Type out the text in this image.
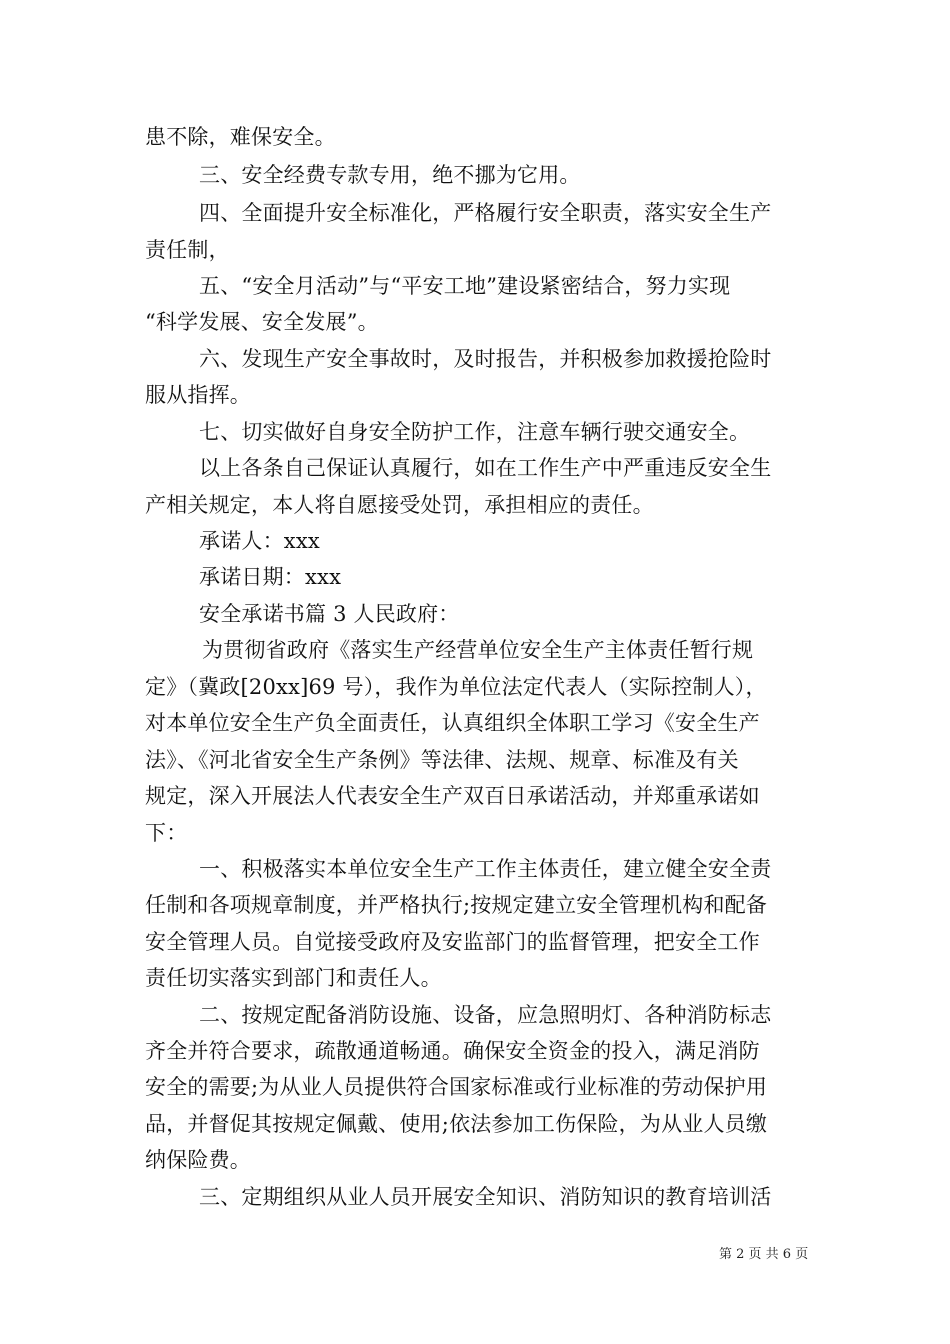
患不除，难保安全。
三、安全经费专款专用，绝不挪为它用。
四、全面提升安全标准化，严格履行安全职责，落实安全生产
责任制，
五、“安全月活动”与“平安工地”建设紧密结合，努力实现
“科学发展、安全发展”。
六、发现生产安全事故时，及时报告，并积极参加救援抢险时
服从指挥。
七、切实做好自身安全防护工作，注意车辆行驶交通安全。
以上各条自己保证认真履行，如在工作生产中严重违反安全生
产相关规定，本人将自愿接受处罚，承担相应的责任。
承诺人：xxx
承诺日期：xxx
安全承诺书篇 3 人民政府：
为贯彻省政府《落实生产经营单位安全生产主体责任暂行规
定》（冀政[20xx]69 号），我作为单位法定代表人（实际控制人），
对本单位安全生产负全面责任，认真组织全体职工学习《安全生产
法》、《河北省安全生产条例》等法律、法规、规章、标准及有关
规定，深入开展法人代表安全生产双百日承诺活动，并郑重承诺如
下：
一、积极落实本单位安全生产工作主体责任，建立健全安全责
任制和各项规章制度，并严格执行;按规定建立安全管理机构和配备
安全管理人员。自觉接受政府及安监部门的监督管理，把安全工作
责任切实落实到部门和责任人。
二、按规定配备消防设施、设备，应急照明灯、各种消防标志
齐全并符合要求，疏散通道畅通。确保安全资金的投入，满足消防
安全的需要;为从业人员提供符合国家标准或行业标准的劳动保护用
品，并督促其按规定佩戴、使用;依法参加工伤保险，为从业人员缴
纳保险费。
三、定期组织从业人员开展安全知识、消防知识的教育培训活
第 2 页 共 6 页
